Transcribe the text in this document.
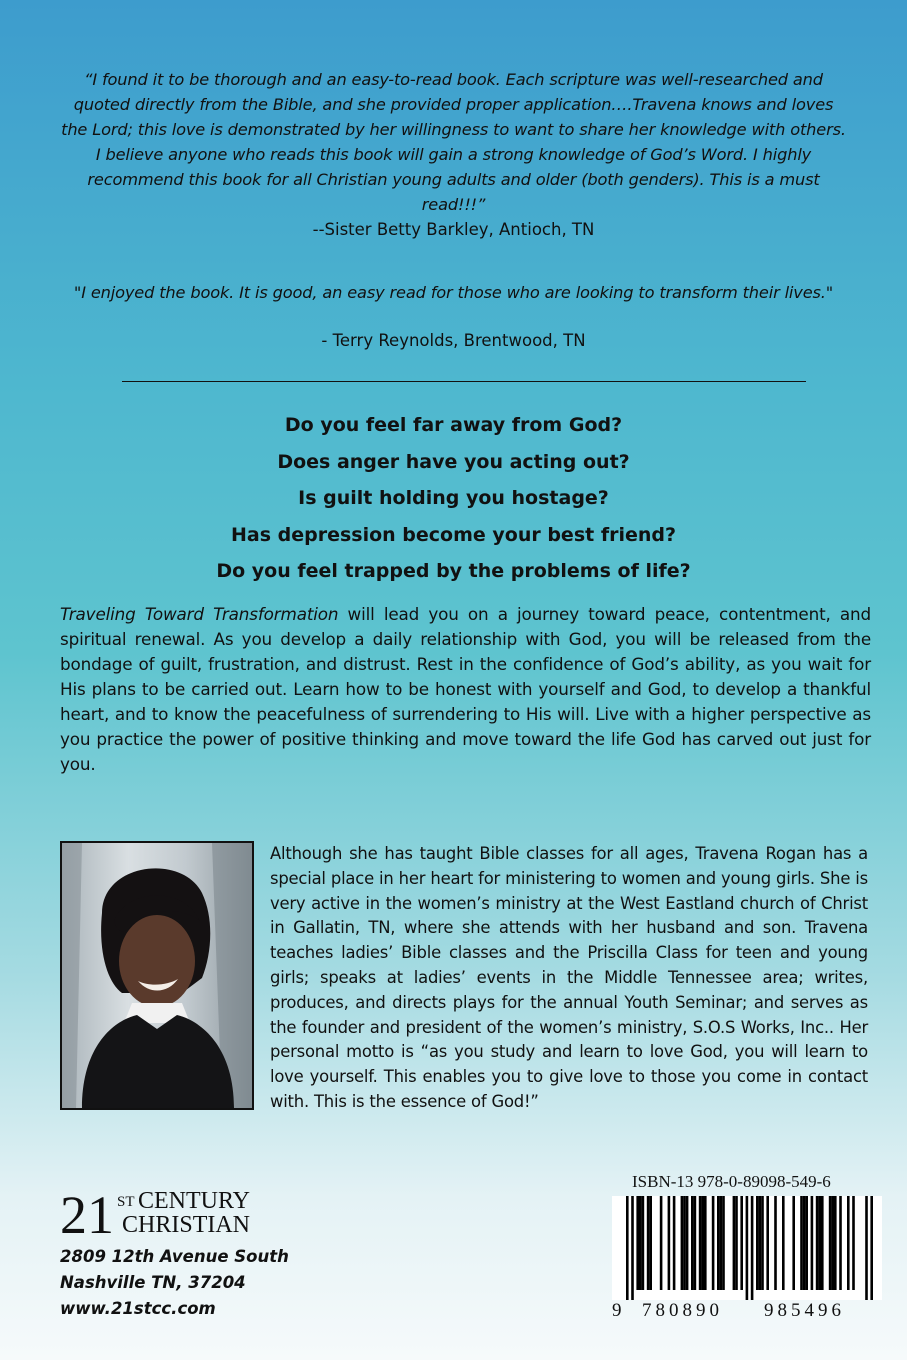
“I found it to be thorough and an easy-to-read book. Each scripture was well-researched and quoted directly from the Bible, and she provided proper application….Travena knows and loves the Lord; this love is demonstrated by her willingness to want to share her knowledge with others. I believe anyone who reads this book will gain a strong knowledge of God’s Word. I highly recommend this book for all Christian young adults and older (both genders). This is a must read!!!”
--Sister Betty Barkley, Antioch, TN
"I enjoyed the book. It is good, an easy read for those who are looking to transform their lives."
- Terry Reynolds, Brentwood, TN
Do you feel far away from God?
Does anger have you acting out?
Is guilt holding you hostage?
Has depression become your best friend?
Do you feel trapped by the problems of life?
Traveling Toward Transformation will lead you on a journey toward peace, contentment, and spiritual renewal. As you develop a daily relationship with God, you will be released from the bondage of guilt, frustration, and distrust. Rest in the confidence of God’s ability, as you wait for His plans to be carried out. Learn how to be honest with yourself and God, to develop a thankful heart, and to know the peacefulness of surrendering to His will. Live with a higher perspective as you practice the power of positive thinking and move toward the life God has carved out just for you.
Although she has taught Bible classes for all ages, Travena Rogan has a special place in her heart for ministering to women and young girls. She is very active in the women’s ministry at the West Eastland church of Christ in Gallatin, TN, where she attends with her husband and son. Travena teaches ladies’ Bible classes and the Priscilla Class for teen and young girls; speaks at ladies’ events in the Middle Tennessee area; writes, produces, and directs plays for the annual Youth Seminar; and serves as the founder and president of the women’s ministry, S.O.S Works, Inc.. Her personal motto is “as you study and learn to love God, you will learn to love yourself. This enables you to give love to those you come in contact with. This is the essence of God!”
21 ST CENTURY
CHRISTIAN
2809 12th Avenue South
Nashville TN, 37204
www.21stcc.com
ISBN-13 978-0-89098-549-6
9 780890 985496
